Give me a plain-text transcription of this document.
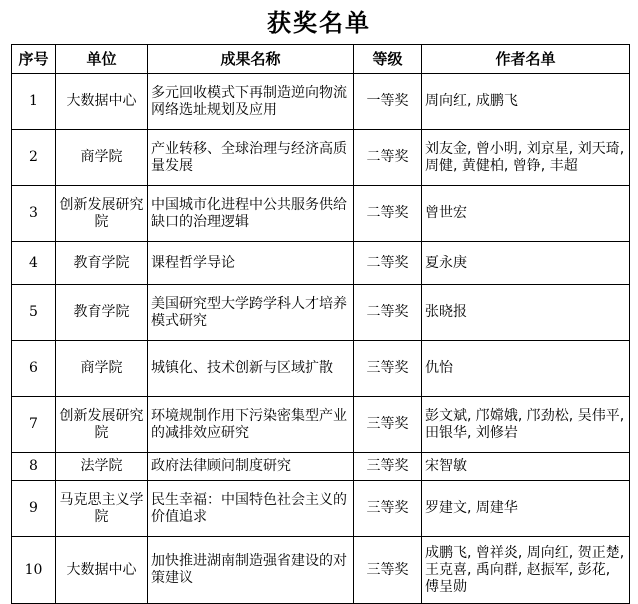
获奖名单
序号	单位	成果名称	等级	作者名单
1	大数据中心	多元回收模式下再制造逆向物流网络选址规划及应用	一等奖	周向红, 成鹏飞
2	商学院	产业转移、全球治理与经济高质量发展	二等奖	刘友金, 曾小明, 刘京星, 刘天琦, 周健, 黄健柏, 曾铮, 丰超
3	创新发展研究院	中国城市化进程中公共服务供给缺口的治理逻辑	二等奖	曾世宏
4	教育学院	课程哲学导论	二等奖	夏永庚
5	教育学院	美国研究型大学跨学科人才培养模式研究	二等奖	张晓报
6	商学院	城镇化、技术创新与区域扩散	三等奖	仇怡
7	创新发展研究院	环境规制作用下污染密集型产业的减排效应研究	三等奖	彭文斌, 邝嫦娥, 邝劲松, 吴伟平, 田银华, 刘修岩
8	法学院	政府法律顾问制度研究	三等奖	宋智敏
9	马克思主义学院	民生幸福：中国特色社会主义的价值追求	三等奖	罗建文, 周建华
10	大数据中心	加快推进湖南制造强省建设的对策建议	三等奖	成鹏飞, 曾祥炎, 周向红, 贺正楚, 王克喜, 禹向群, 赵振军, 彭花, 傅呈勋
